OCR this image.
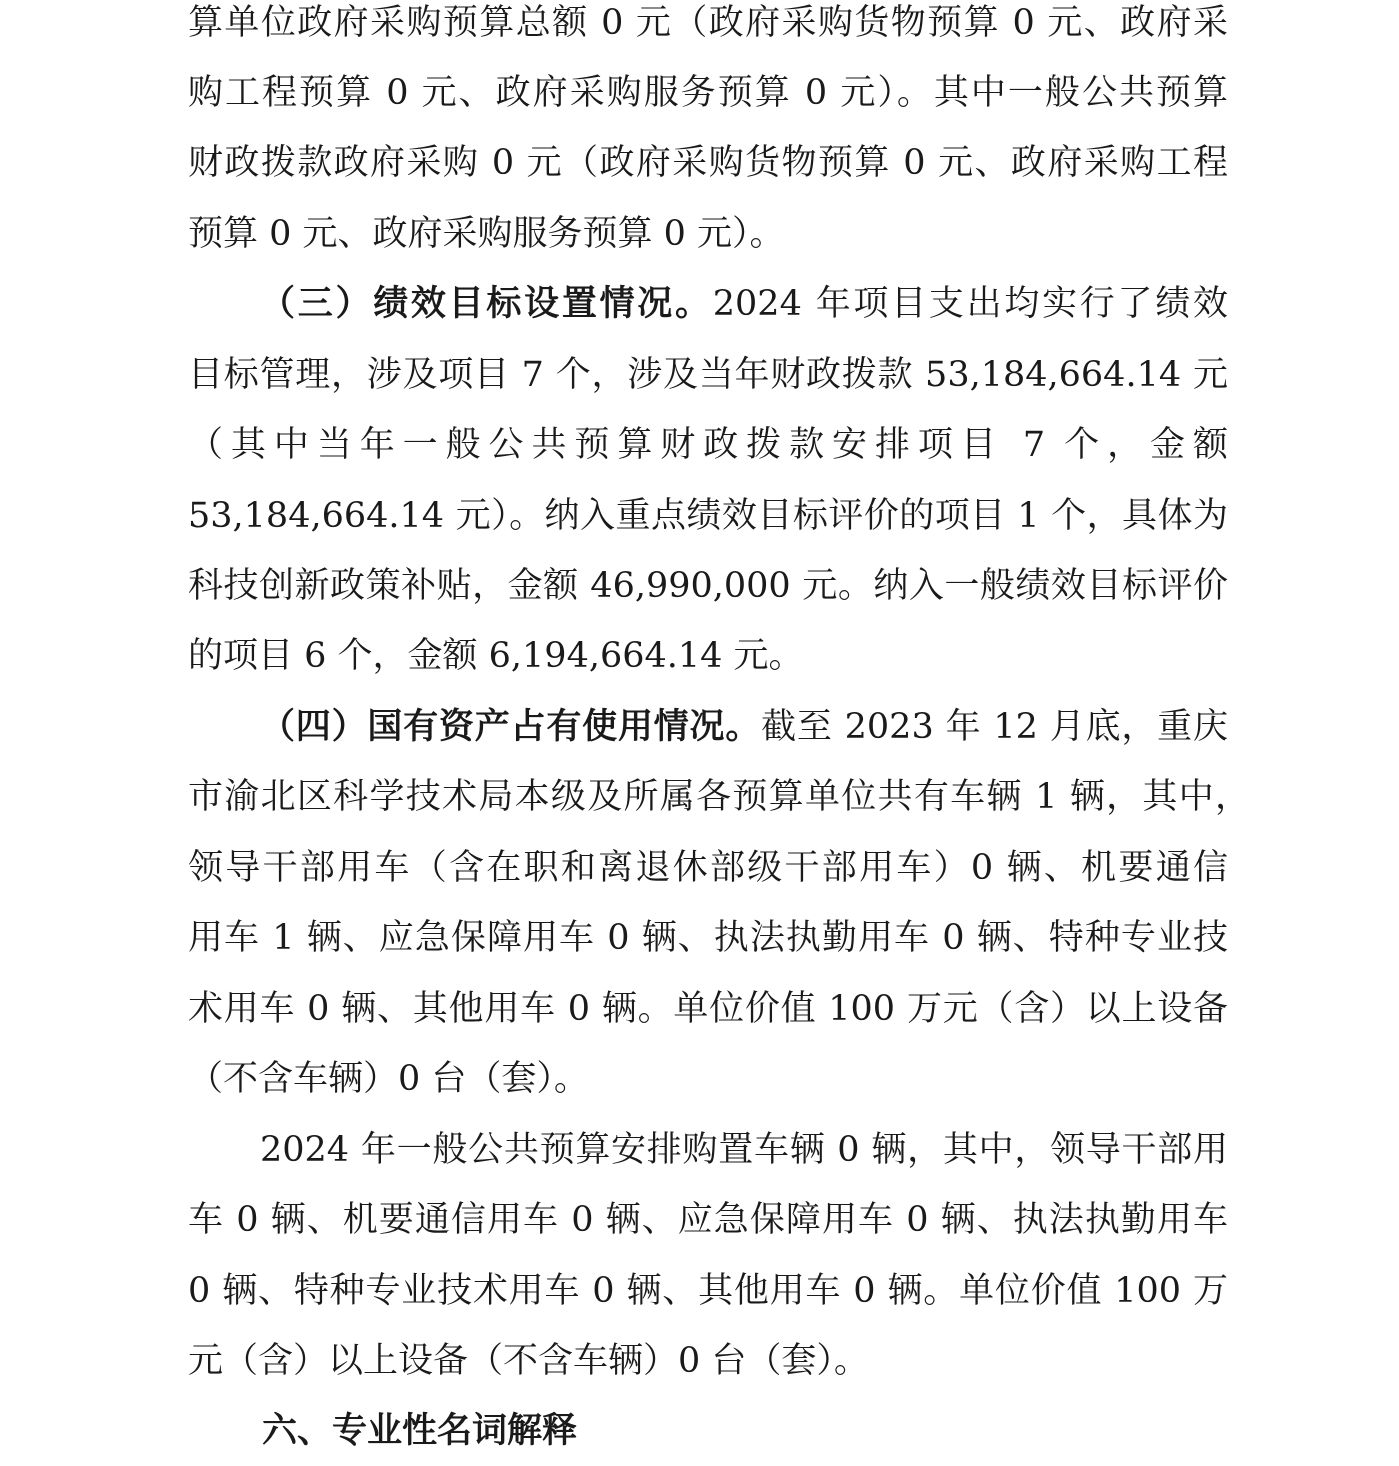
算单位政府采购预算总额 0 元（政府采购货物预算 0 元、政府采
购工程预算 0 元、政府采购服务预算 0 元）。其中一般公共预算
财政拨款政府采购 0 元（政府采购货物预算 0 元、政府采购工程
预算 0 元、政府采购服务预算 0 元）。
（三）绩效目标设置情况。2024 年项目支出均实行了绩效
目标管理，涉及项目 7 个，涉及当年财政拨款 53,184,664.14 元
（其中当年一般公共预算财政拨款安排项目 7 个，金额
53,184,664.14 元）。纳入重点绩效目标评价的项目 1 个，具体为
科技创新政策补贴，金额 46,990,000 元。纳入一般绩效目标评价
的项目 6 个，金额 6,194,664.14 元。
（四）国有资产占有使用情况。截至 2023 年 12 月底，重庆
市渝北区科学技术局本级及所属各预算单位共有车辆 1 辆，其中，
领导干部用车（含在职和离退休部级干部用车）0 辆、机要通信
用车 1 辆、应急保障用车 0 辆、执法执勤用车 0 辆、特种专业技
术用车 0 辆、其他用车 0 辆。单位价值 100 万元（含）以上设备
（不含车辆）0 台（套）。
2024 年一般公共预算安排购置车辆 0 辆，其中，领导干部用
车 0 辆、机要通信用车 0 辆、应急保障用车 0 辆、执法执勤用车
0 辆、特种专业技术用车 0 辆、其他用车 0 辆。单位价值 100 万
元（含）以上设备（不含车辆）0 台（套）。
六、专业性名词解释
